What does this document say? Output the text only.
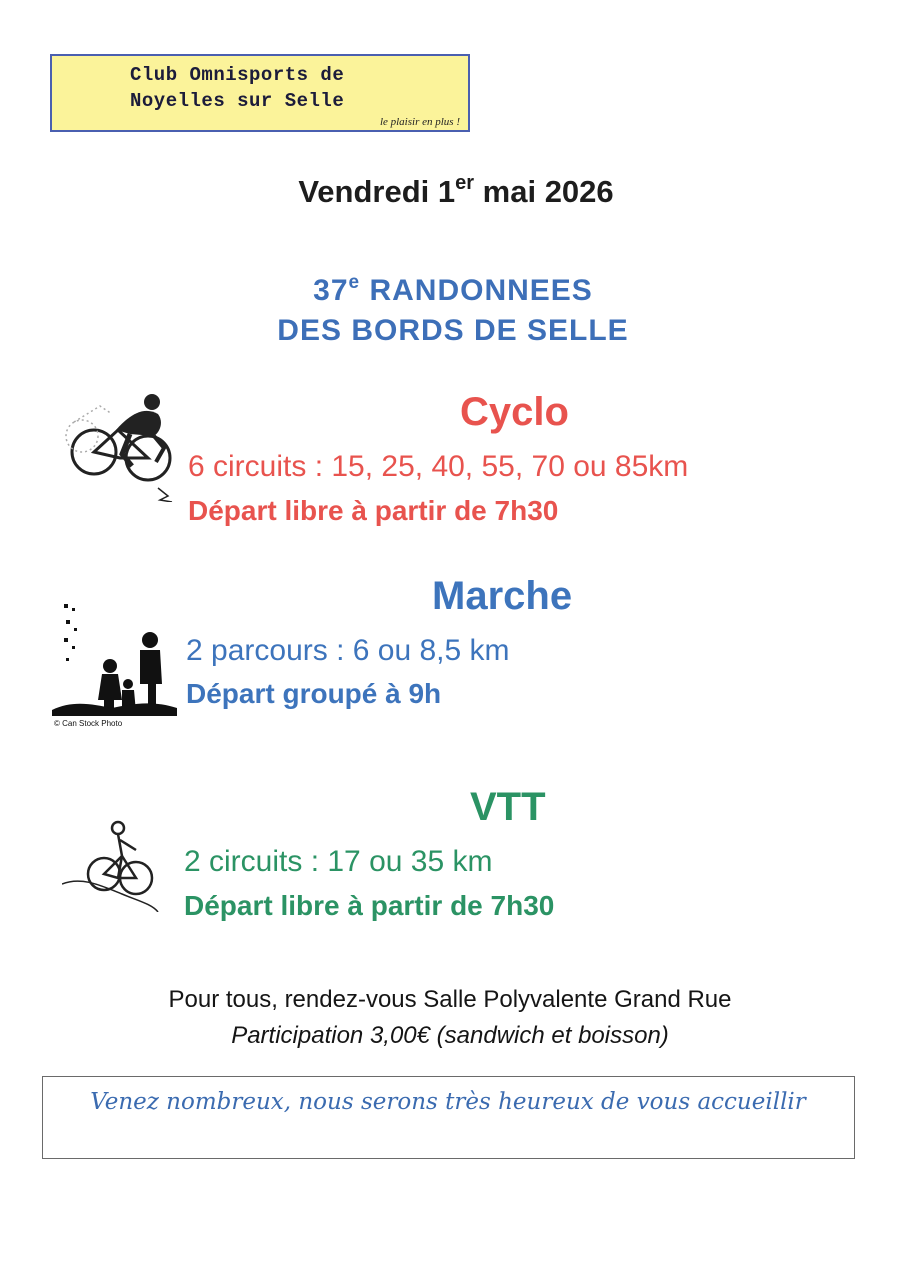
Club Omnisports de
Noyelles sur Selle
le plaisir en plus !
Vendredi 1er mai 2026
37e RANDONNEES
DES BORDS DE SELLE
Cyclo
6 circuits : 15, 25, 40, 55, 70 ou 85km
Départ libre à partir de 7h30
© Can Stock Photo
Marche
2 parcours : 6 ou 8,5 km
Départ groupé à 9h
VTT
2 circuits : 17 ou 35 km
Départ libre à partir de 7h30
Pour tous, rendez-vous Salle Polyvalente Grand Rue
Participation 3,00€ (sandwich et boisson)
Venez nombreux, nous serons très heureux de vous accueillir
